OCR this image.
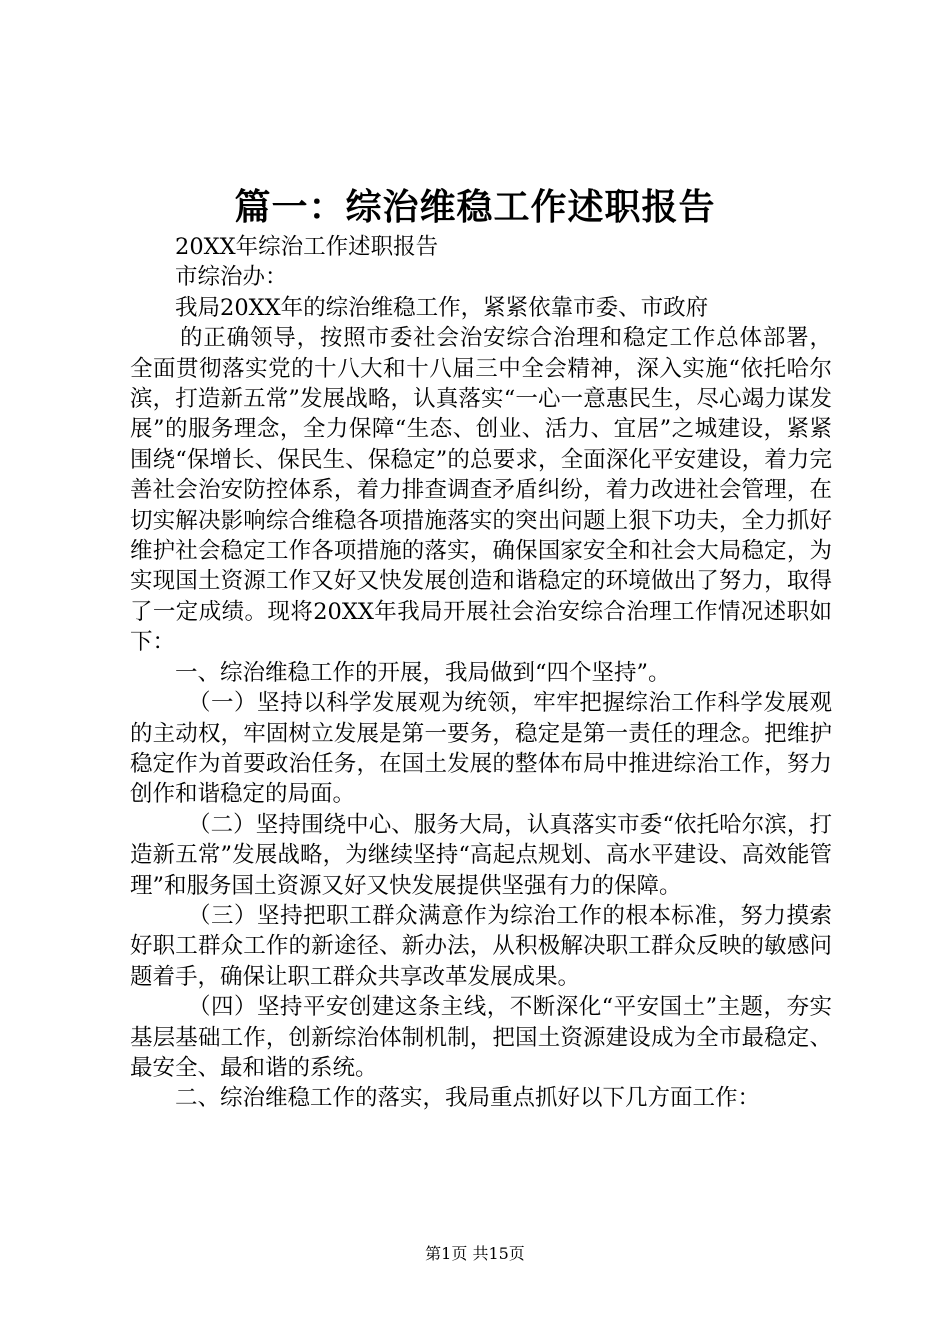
篇一：综治维稳工作述职报告

20XX年综治工作述职报告

市综治办：

我局20XX年的综治维稳工作，紧紧依靠市委、市政府

的正确领导，按照市委社会治安综合治理和稳定工作总体部署，全面贯彻落实党的十八大和十八届三中全会精神，深入实施“依托哈尔滨，打造新五常”发展战略，认真落实“一心一意惠民生，尽心竭力谋发展”的服务理念，全力保障“生态、创业、活力、宜居”之城建设，紧紧围绕“保增长、保民生、保稳定”的总要求，全面深化平安建设，着力完善社会治安防控体系，着力排查调查矛盾纠纷，着力改进社会管理，在切实解决影响综合维稳各项措施落实的突出问题上狠下功夫，全力抓好维护社会稳定工作各项措施的落实，确保国家安全和社会大局稳定，为实现国土资源工作又好又快发展创造和谐稳定的环境做出了努力，取得了一定成绩。现将20XX年我局开展社会治安综合治理工作情况述职如下：

一、综治维稳工作的开展，我局做到“四个坚持”。

（一）坚持以科学发展观为统领，牢牢把握综治工作科学发展观的主动权，牢固树立发展是第一要务，稳定是第一责任的理念。把维护稳定作为首要政治任务，在国土发展的整体布局中推进综治工作，努力创作和谐稳定的局面。

（二）坚持围绕中心、服务大局，认真落实市委“依托哈尔滨，打造新五常”发展战略，为继续坚持“高起点规划、高水平建设、高效能管理”和服务国土资源又好又快发展提供坚强有力的保障。

（三）坚持把职工群众满意作为综治工作的根本标准，努力摸索好职工群众工作的新途径、新办法，从积极解决职工群众反映的敏感问题着手，确保让职工群众共享改革发展成果。

（四）坚持平安创建这条主线，不断深化“平安国土”主题，夯实基层基础工作，创新综治体制机制，把国土资源建设成为全市最稳定、最安全、最和谐的系统。

二、综治维稳工作的落实，我局重点抓好以下几方面工作：

第1页 共15页
